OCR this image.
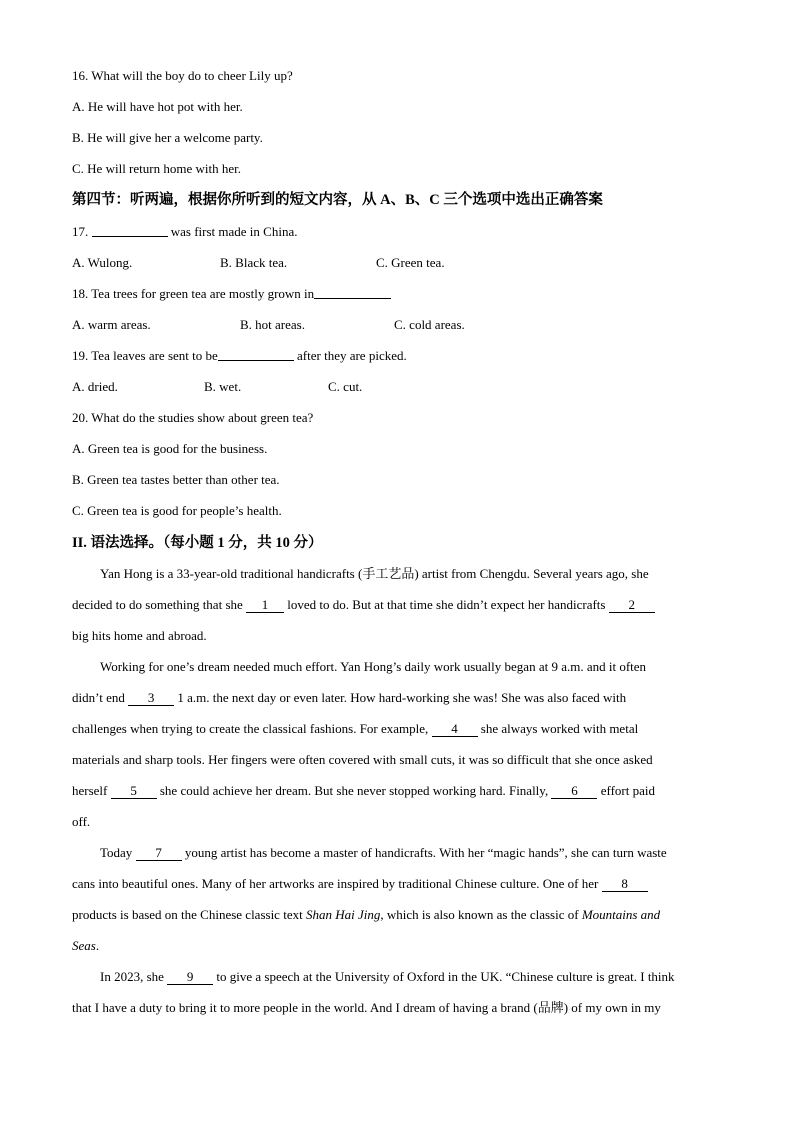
16. What will the boy do to cheer Lily up?
A. He will have hot pot with her.
B. He will give her a welcome party.
C. He will return home with her.
第四节：听两遍，根据你所听到的短文内容，从 A、B、C 三个选项中选出正确答案
17.	was first made in China.
A. Wulong.	B. Black tea.	C. Green tea.
18. Tea trees for green tea are mostly grown in
A. warm areas.	B. hot areas.	C. cold areas.
19. Tea leaves are sent to be	after they are picked.
A. dried.	B. wet.	C. cut.
20. What do the studies show about green tea?
A. Green tea is good for the business.
B. Green tea tastes better than other tea.
C. Green tea is good for people’s health.
II. 语法选择。（每小题 1 分，共 10 分）
Yan Hong is a 33-year-old traditional handicrafts (手工艺品) artist from Chengdu. Several years ago, she
decided to do something that she 1 loved to do. But at that time she didn’t expect her handicrafts 2
big hits home and abroad.
Working for one’s dream needed much effort. Yan Hong’s daily work usually began at 9 a.m. and it often
didn’t end 3 1 a.m. the next day or even later. How hard-working she was! She was also faced with
challenges when trying to create the classical fashions. For example, 4 she always worked with metal
materials and sharp tools. Her fingers were often covered with small cuts, it was so difficult that she once asked
herself 5 she could achieve her dream. But she never stopped working hard. Finally, 6 effort paid
off.
Today 7 young artist has become a master of handicrafts. With her “magic hands”, she can turn waste
cans into beautiful ones. Many of her artworks are inspired by traditional Chinese culture. One of her 8
products is based on the Chinese classic text Shan Hai Jing, which is also known as the classic of Mountains and
Seas.
In 2023, she 9 to give a speech at the University of Oxford in the UK. “Chinese culture is great. I think
that I have a duty to bring it to more people in the world. And I dream of having a brand (品牌) of my own in my
